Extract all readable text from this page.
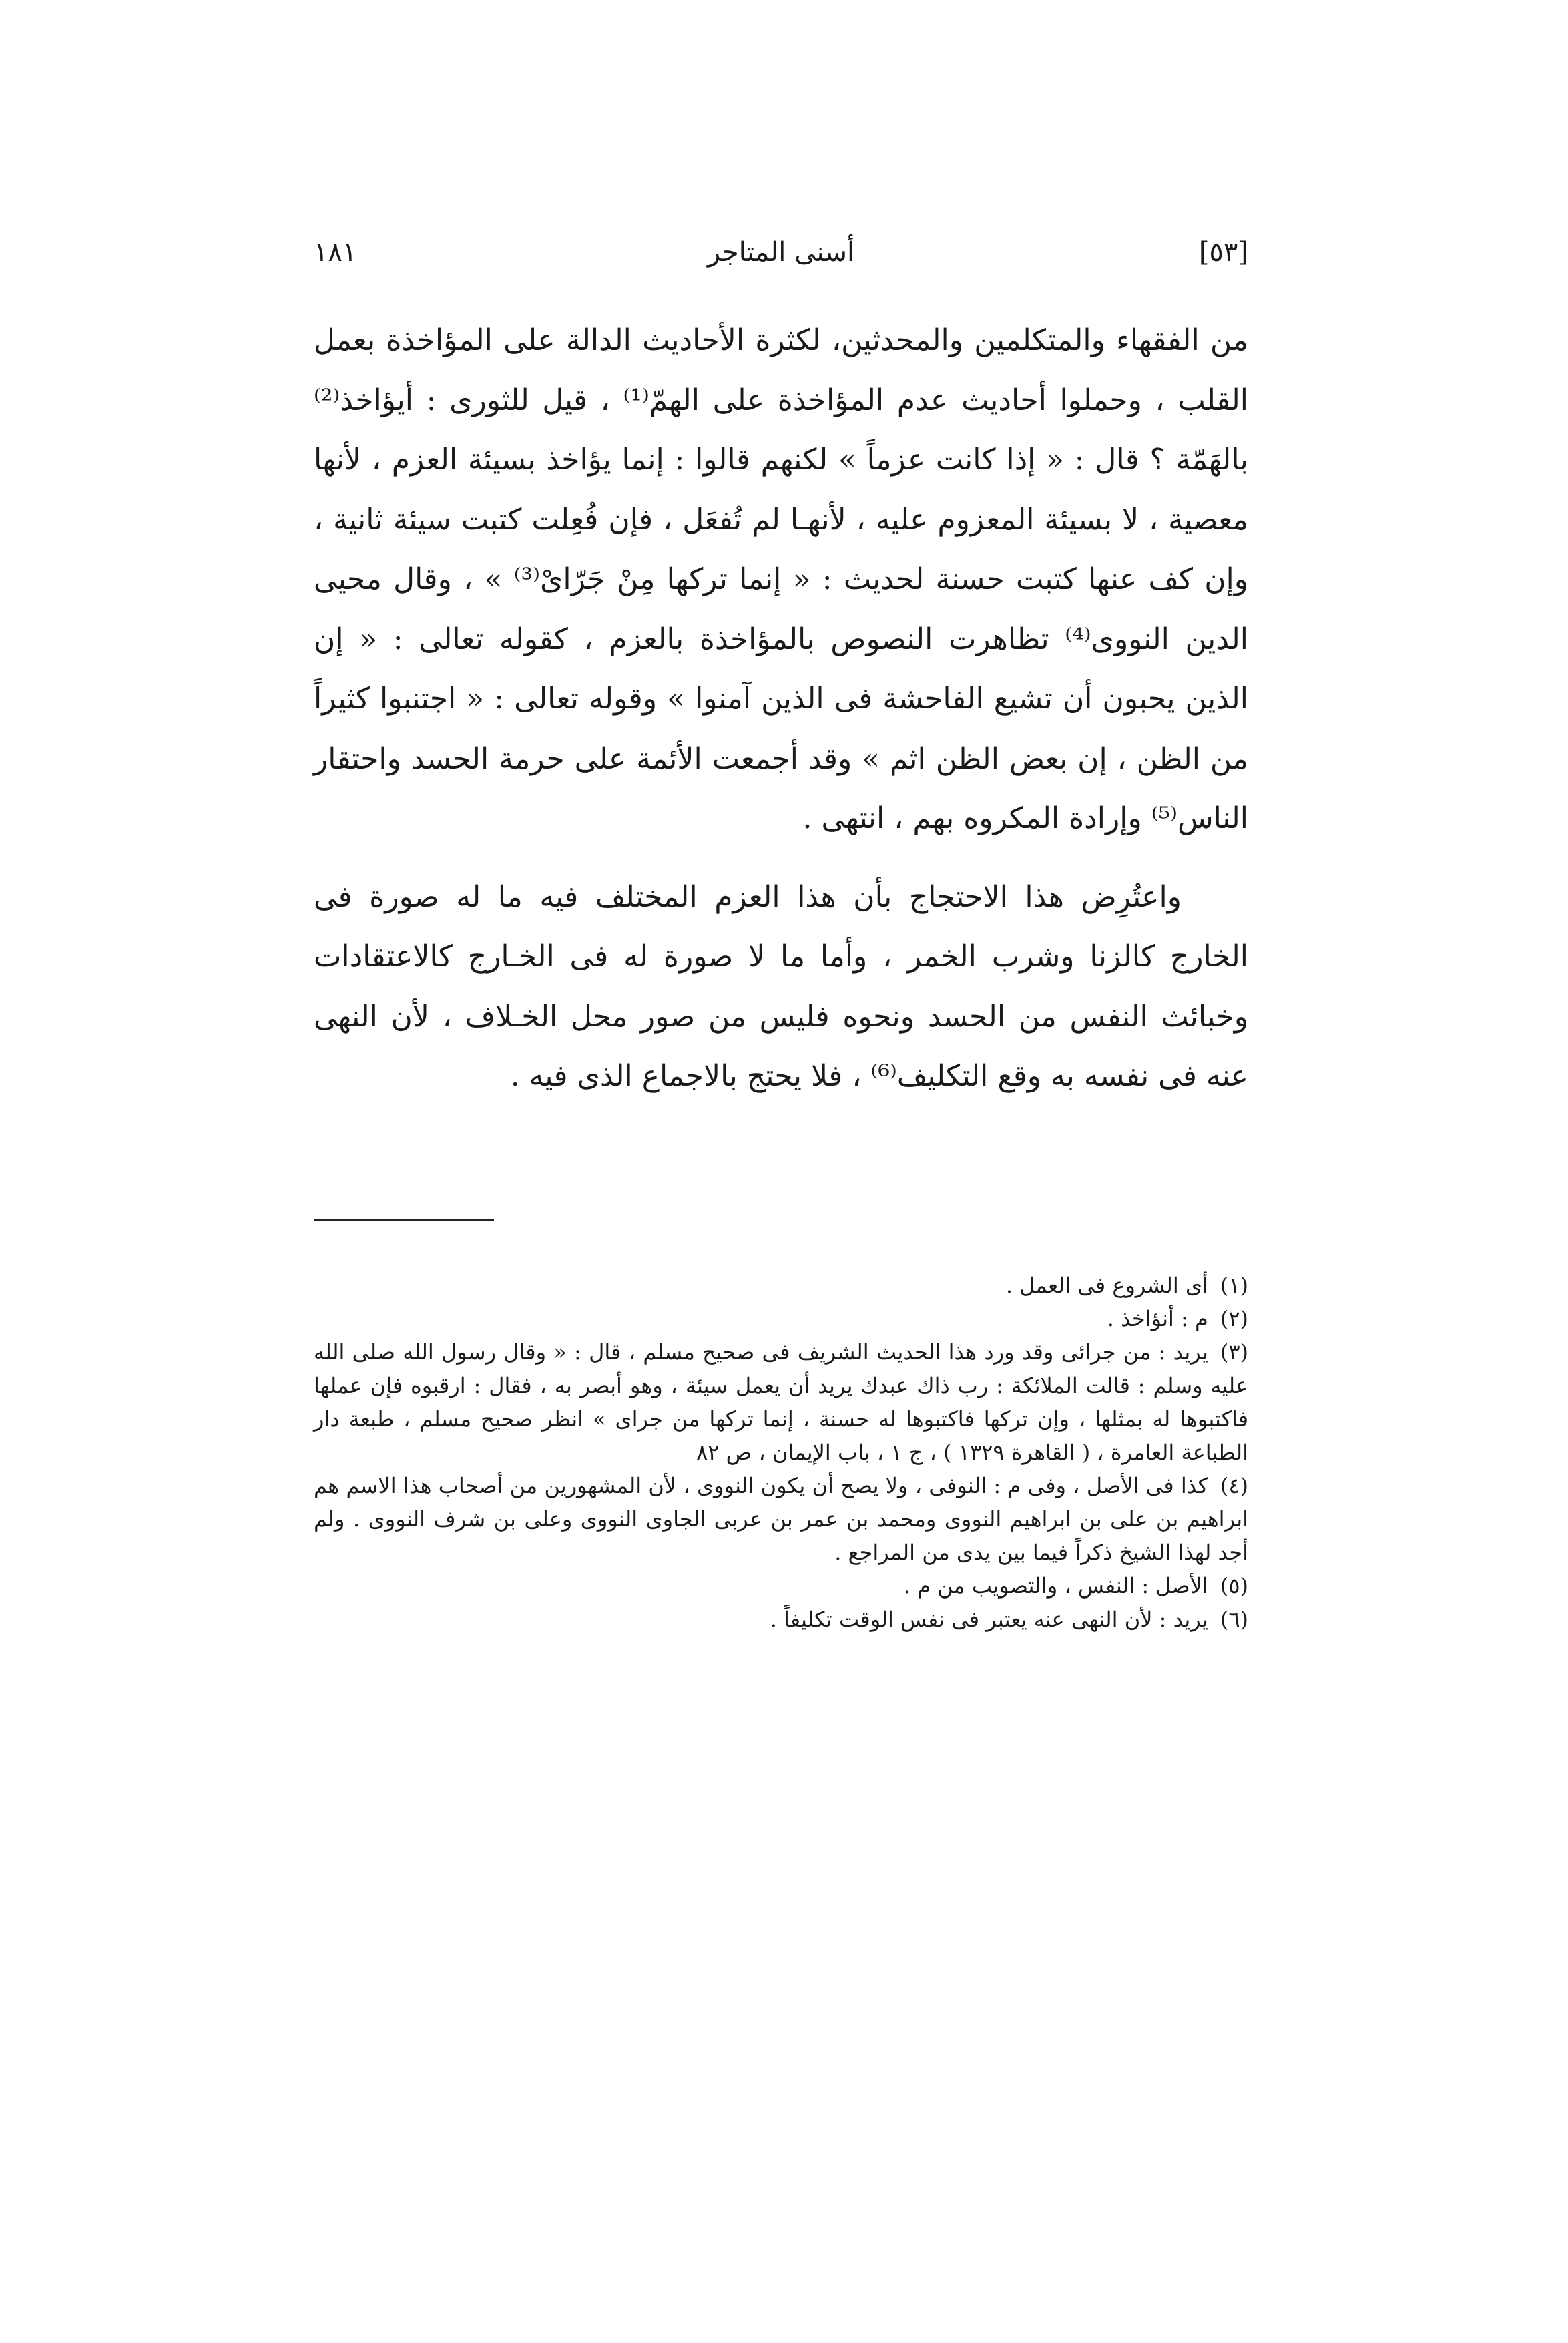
[٥٣]
أسنى المتاجر
١٨١

من الفقهاء والمتكلمين والمحدثين، لكثرة الأحاديث الدالة على المؤاخذة بعمل القلب ، وحملوا أحاديث عدم المؤاخذة على الهمّ⁽¹⁾ ، قيل للثورى : أيؤاخذ⁽²⁾ بالهَمّة ؟ قال : « إذا كانت عزماً » لكنهم قالوا : إنما يؤاخذ بسيئة العزم ، لأنها معصية ، لا بسيئة المعزوم عليه ، لأنهـا لم تُفعَل ، فإن فُعِلت كتبت سيئة ثانية ، وإن كف عنها كتبت حسنة لحديث : « إنما تركها مِنْ جَرّاىْ⁽³⁾ » ، وقال محيى الدين النووى⁽⁴⁾ تظاهرت النصوص بالمؤاخذة بالعزم ، كقوله تعالى : « إن الذين يحبون أن تشيع الفاحشة فى الذين آمنوا » وقوله تعالى : « اجتنبوا كثيراً من الظن ، إن بعض الظن اثم » وقد أجمعت الأئمة على حرمة الحسد واحتقار الناس⁽⁵⁾ وإرادة المكروه بهم ، انتهى .

واعتُرِض هذا الاحتجاج بأن هذا العزم المختلف فيه ما له صورة فى الخارج كالزنا وشرب الخمر ، وأما ما لا صورة له فى الخـارج كالاعتقادات وخبائث النفس من الحسد ونحوه فليس من صور محل الخـلاف ، لأن النهى عنه فى نفسه به وقع التكليف⁽⁶⁾ ، فلا يحتج بالاجماع الذى فيه .

(١)أى الشروع فى العمل .

(٢)م : أنؤاخذ .

(٣)يريد : من جرائى وقد ورد هذا الحديث الشريف فى صحيح مسلم ، قال : « وقال رسول الله صلى الله عليه وسلم : قالت الملائكة : رب ذاك عبدك يريد أن يعمل سيئة ، وهو أبصر به ، فقال : ارقبوه فإن عملها فاكتبوها له بمثلها ، وإن تركها فاكتبوها له حسنة ، إنما تركها من جراى » انظر صحيح مسلم ، طبعة دار الطباعة العامرة ، ( القاهرة ١٣٢٩ ) ، ج ١ ، باب الإيمان ، ص ٨٢

(٤)كذا فى الأصل ، وفى م : النوفى ، ولا يصح أن يكون النووى ، لأن المشهورين من أصحاب هذا الاسم هم ابراهيم بن على بن ابراهيم النووى ومحمد بن عمر بن عربى الجاوى النووى وعلى بن شرف النووى . ولم أجد لهذا الشيخ ذكراً فيما بين يدى من المراجع .

(٥)الأصل : النفس ، والتصويب من م .

(٦)يريد : لأن النهى عنه يعتبر فى نفس الوقت تكليفاً .
